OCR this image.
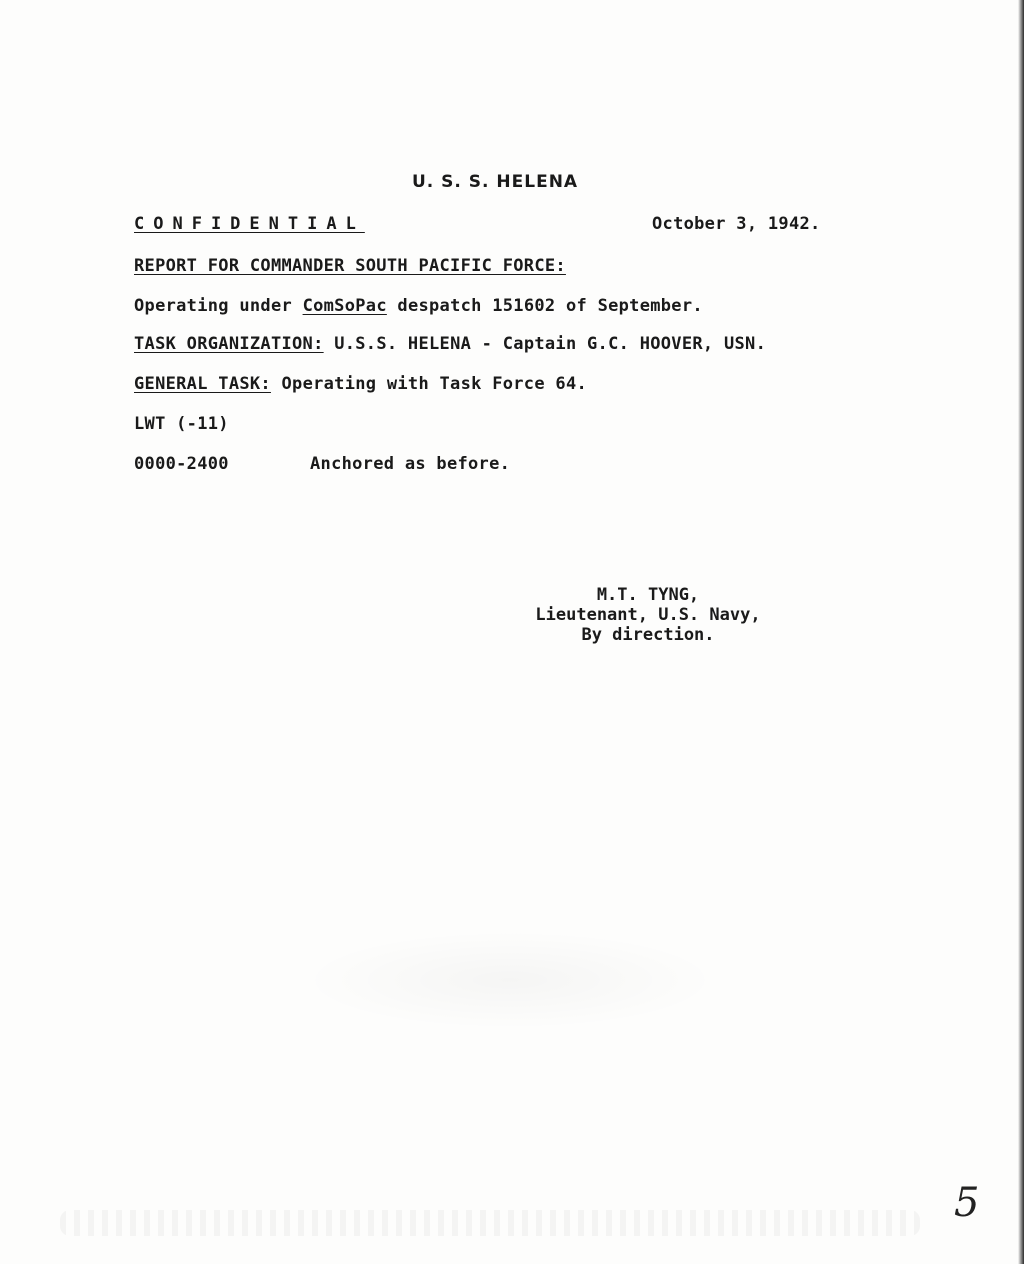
U. S. S. HELENA
CONFIDENTIAL	October 3, 1942.
REPORT FOR COMMANDER SOUTH PACIFIC FORCE:
Operating under ComSoPac despatch 151602 of September.
TASK ORGANIZATION: U.S.S. HELENA - Captain G.C. HOOVER, USN.
GENERAL TASK: Operating with Task Force 64.
LWT (-11)
0000-2400	Anchored as before.
M.T. TYNG,
Lieutenant, U.S. Navy,
By direction.
5
